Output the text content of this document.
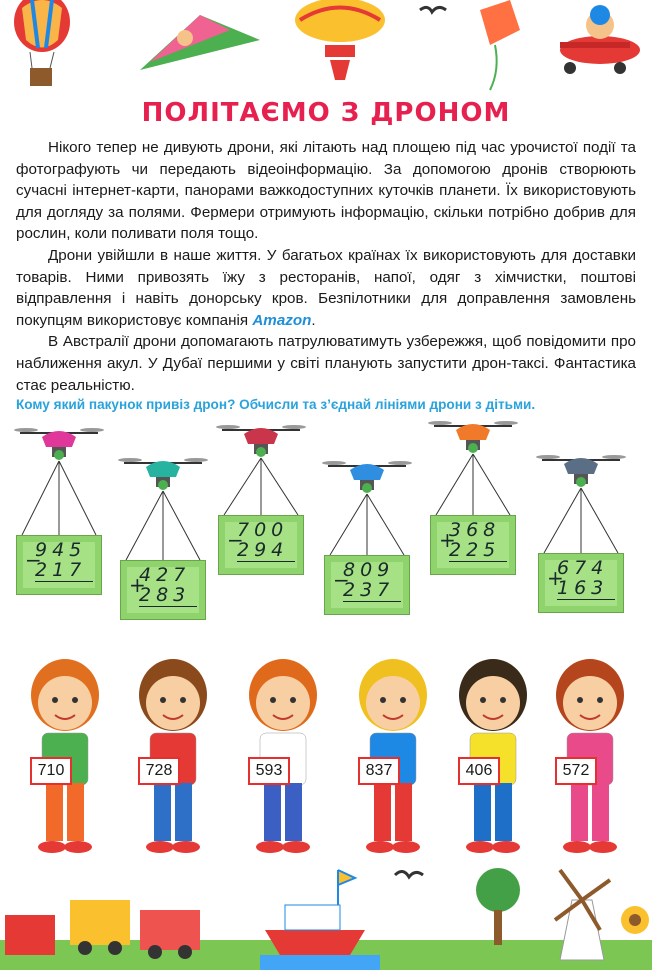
ПОЛІТАЄМО З ДРОНОМ

Нікого тепер не дивують дрони, які літають над площею під час урочистої події та фотографують чи передають відеоінформацію. За допомогою дронів створюють сучасні інтернет-карти, панорами важкодоступних куточків планети. Їх використовують для догляду за полями. Фермери отримують інформацію, скільки потрібно добрив для рослин, коли поливати поля тощо.

Дрони увійшли в наше життя. У багатьох країнах їх використовують для доставки товарів. Ними привозять їжу з ресторанів, напої, одяг з хімчистки, поштові відправлення і навіть донорську кров. Безпілотники для доправлення замовлень покупцям використовує компанія Amazon.

В Австралії дрони допомагають патрулюватимуть узбережжя, щоб повідомити про наближення акул. У Дубаї першими у світі планують запустити дрон-таксі. Фантастика стає реальністю.

Кому який пакунок привіз дрон? Обчисли та з’єднай лініями дрони з дітьми.
−
945
217
+
427
283
−
700
294
−
809
237
+
368
225
+
674
163
710	728	593	837	406	572
